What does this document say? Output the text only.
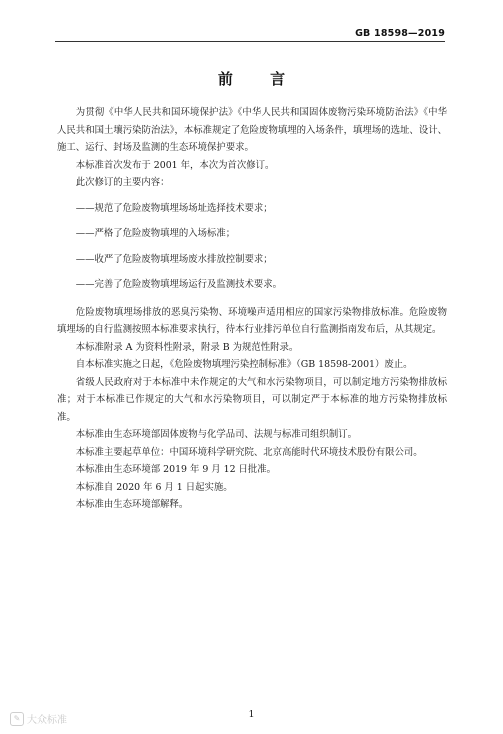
GB 18598—2019
前 言

为贯彻《中华人民共和国环境保护法》《中华人民共和国固体废物污染环境防治法》《中华人民共和国土壤污染防治法》，本标准规定了危险废物填埋的入场条件，填埋场的选址、设计、施工、运行、封场及监测的生态环境保护要求。

本标准首次发布于 2001 年，本次为首次修订。

此次修订的主要内容：

——规范了危险废物填埋场场址选择技术要求；

——严格了危险废物填埋的入场标准；

——收严了危险废物填埋场废水排放控制要求；

——完善了危险废物填埋场运行及监测技术要求。

危险废物填埋场排放的恶臭污染物、环境噪声适用相应的国家污染物排放标准。危险废物填埋场的自行监测按照本标准要求执行，待本行业排污单位自行监测指南发布后，从其规定。

本标准附录 A 为资料性附录，附录 B 为规范性附录。

自本标准实施之日起，《危险废物填埋污染控制标准》（GB 18598-2001）废止。

省级人民政府对于本标准中未作规定的大气和水污染物项目，可以制定地方污染物排放标准；对于本标准已作规定的大气和水污染物项目，可以制定严于本标准的地方污染物排放标准。

本标准由生态环境部固体废物与化学品司、法规与标准司组织制订。

本标准主要起草单位：中国环境科学研究院、北京高能时代环境技术股份有限公司。

本标准由生态环境部 2019 年 9 月 12 日批准。

本标准自 2020 年 6 月 1 日起实施。

本标准由生态环境部解释。

✎ 大众标准
1
